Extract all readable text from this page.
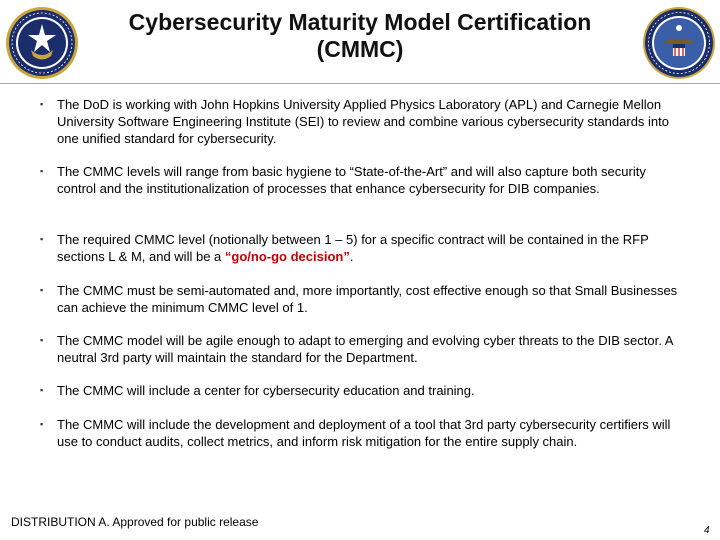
Cybersecurity Maturity Model Certification
(CMMC)
▪	The DoD is working with John Hopkins University Applied Physics Laboratory (APL) and Carnegie Mellon University Software Engineering Institute (SEI) to review and combine various cybersecurity standards into one unified standard for cybersecurity.
▪	The CMMC levels will range from basic hygiene to “State-of-the-Art” and will also capture both security control and the institutionalization of processes that enhance cybersecurity for DIB companies.
▪	The required CMMC level (notionally between 1 – 5) for a specific contract will be contained in the RFP sections L & M, and will be a “go/no-go decision”.
▪	The CMMC must be semi-automated and, more importantly, cost effective enough so that Small Businesses can achieve the minimum CMMC level of 1.
▪	The CMMC model will be agile enough to adapt to emerging and evolving cyber threats to the DIB sector. A neutral 3rd party will maintain the standard for the Department.
▪	The CMMC will include a center for cybersecurity education and training.
▪	The CMMC will include the development and deployment of a tool that 3rd party cybersecurity certifiers will use to conduct audits, collect metrics, and inform risk mitigation for the entire supply chain.
DISTRIBUTION A. Approved for public release
4
